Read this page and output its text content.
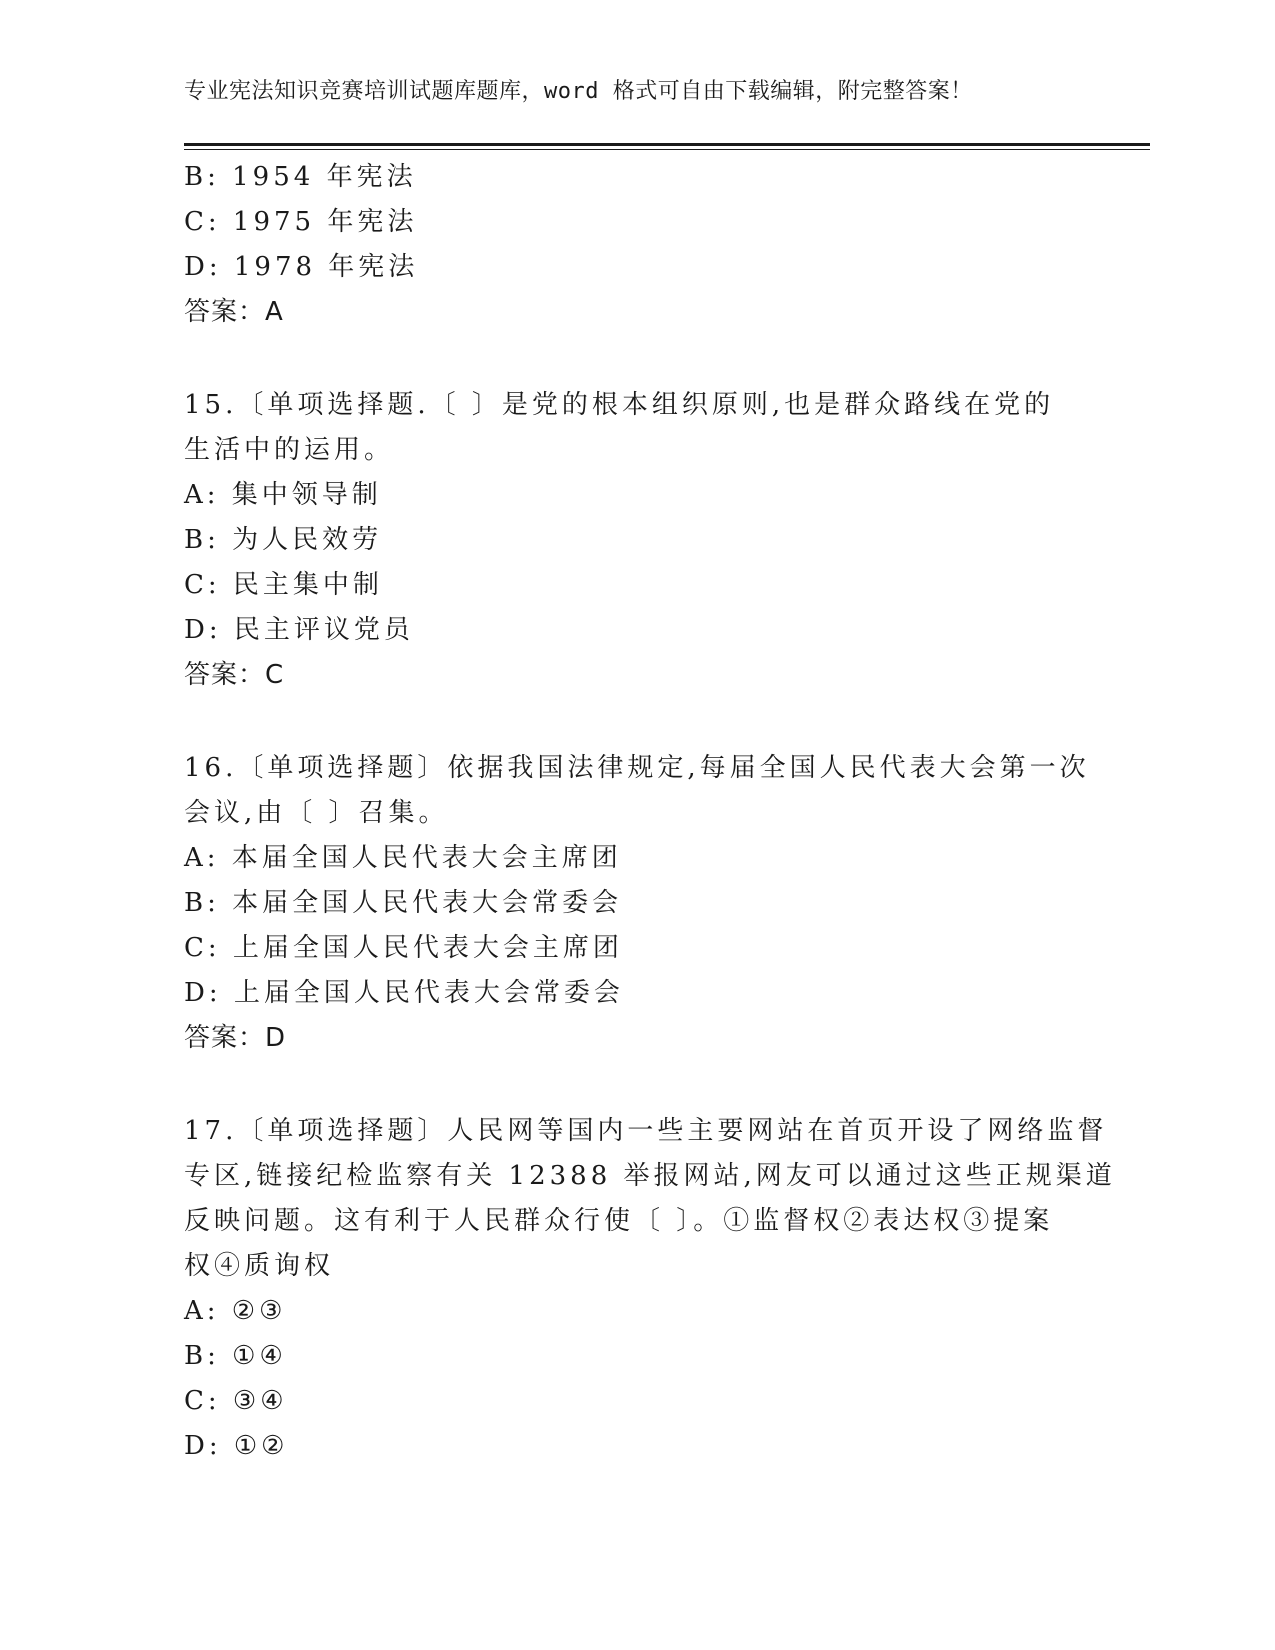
专业宪法知识竞赛培训试题库题库，word 格式可自由下载编辑，附完整答案！
B: 1954 年宪法
C: 1975 年宪法
D: 1978 年宪法
答案：A
15.〔单项选择题.〔 〕是党的根本组织原则,也是群众路线在党的
生活中的运用。
A: 集中领导制
B: 为人民效劳
C: 民主集中制
D: 民主评议党员
答案：C
16.〔单项选择题〕依据我国法律规定,每届全国人民代表大会第一次
会议,由〔 〕召集。
A: 本届全国人民代表大会主席团
B: 本届全国人民代表大会常委会
C: 上届全国人民代表大会主席团
D: 上届全国人民代表大会常委会
答案：D
17.〔单项选择题〕人民网等国内一些主要网站在首页开设了网络监督
专区,链接纪检监察有关 12388 举报网站,网友可以通过这些正规渠道
反映问题。这有利于人民群众行使〔 〕。①监督权②表达权③提案
权④质询权
A: ②③
B: ①④
C: ③④
D: ①②
